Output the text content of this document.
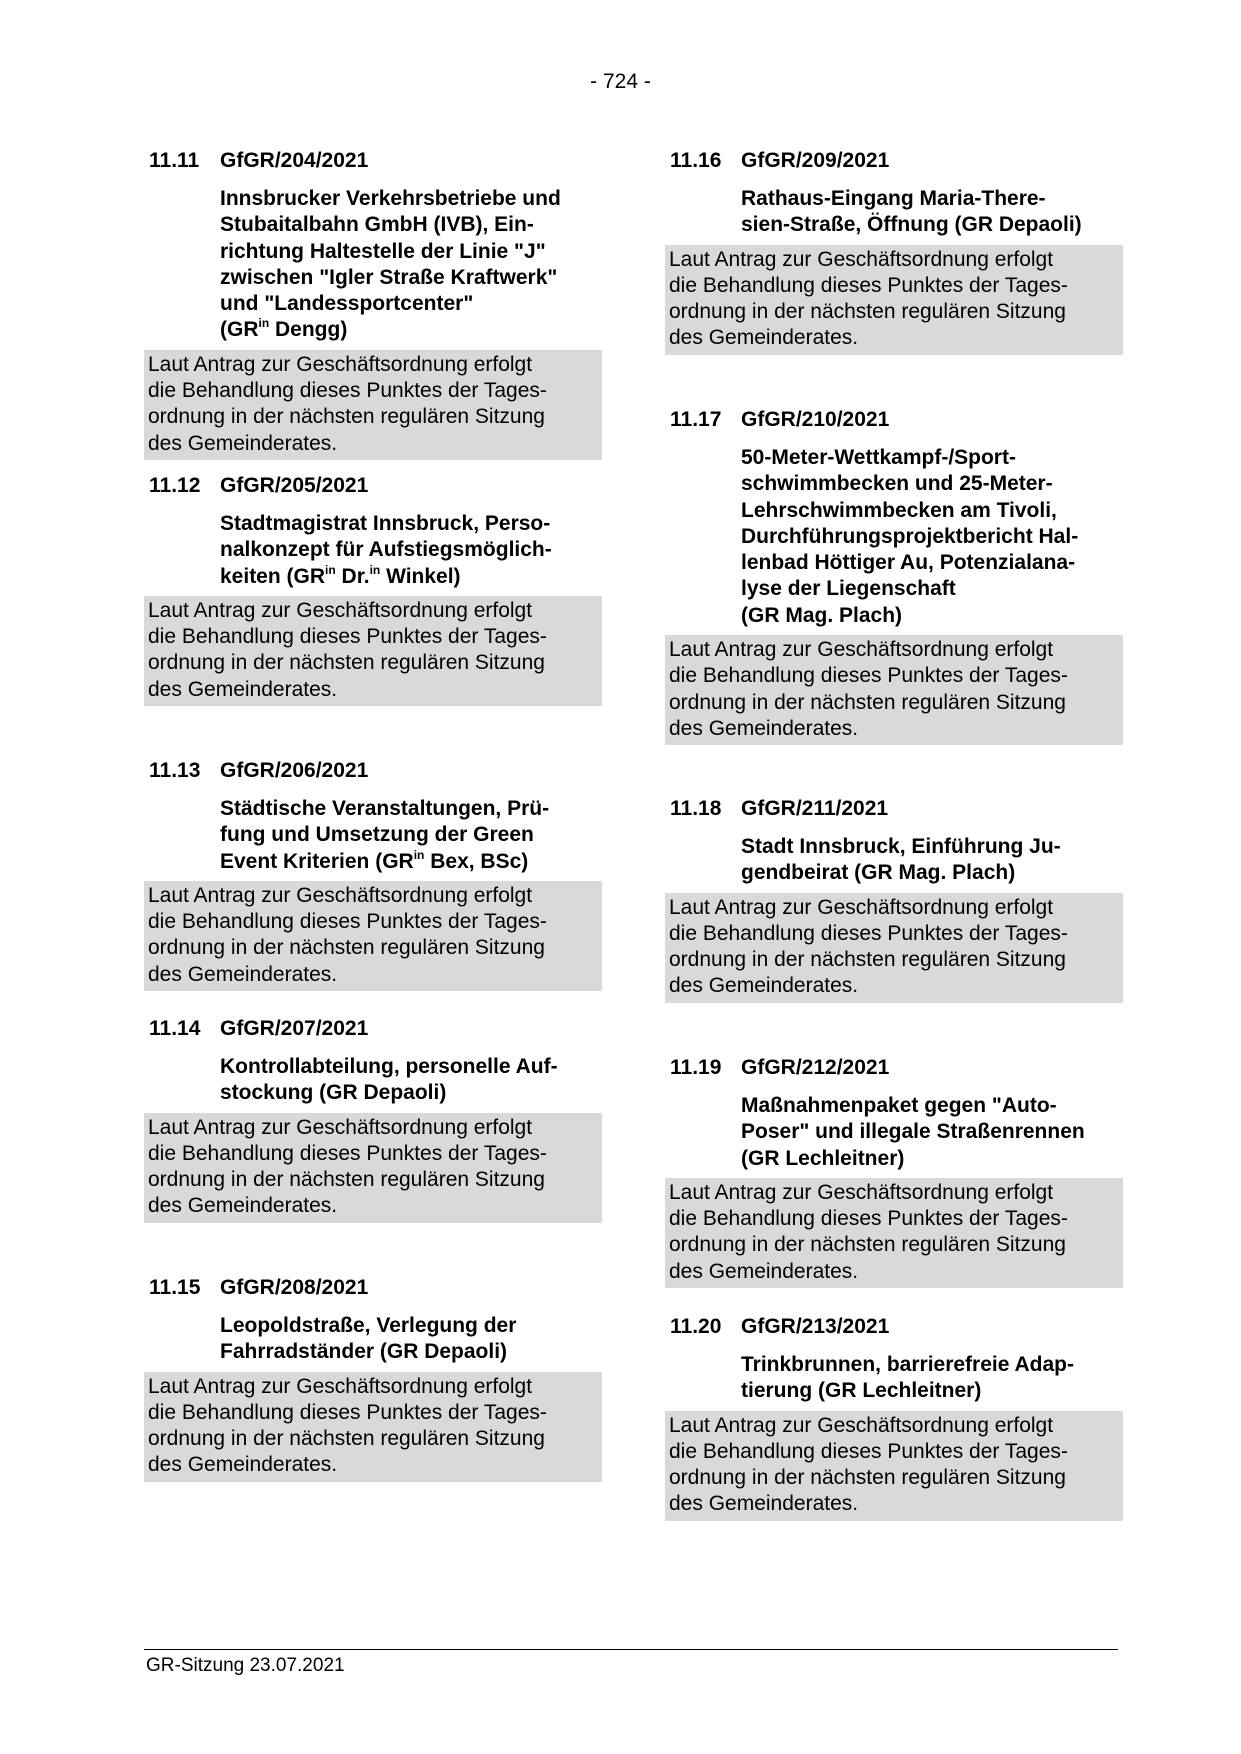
- 724 -
11.11 GfGR/204/2021
Innsbrucker Verkehrsbetriebe und
Stubaitalbahn GmbH (IVB), Ein-
richtung Haltestelle der Linie "J"
zwischen "Igler Straße Kraftwerk"
und "Landessportcenter"
($GR^{in}$ Dengg)
Laut Antrag zur Geschäftsordnung erfolgt
die Behandlung dieses Punktes der Tages-
ordnung in der nächsten regulären Sitzung
des Gemeinderates.
11.12 GfGR/205/2021
Stadtmagistrat Innsbruck, Perso-
nalkonzept für Aufstiegsmöglich-
keiten ($GR^{in}$ Dr.$^{in}$ Winkel)
Laut Antrag zur Geschäftsordnung erfolgt
die Behandlung dieses Punktes der Tages-
ordnung in der nächsten regulären Sitzung
des Gemeinderates.
11.13 GfGR/206/2021
Städtische Veranstaltungen, Prü-
fung und Umsetzung der Green
Event Kriterien ($GR^{in}$ Bex, BSc)
Laut Antrag zur Geschäftsordnung erfolgt
die Behandlung dieses Punktes der Tages-
ordnung in der nächsten regulären Sitzung
des Gemeinderates.
11.14 GfGR/207/2021
Kontrollabteilung, personelle Auf-
stockung (GR Depaoli)
Laut Antrag zur Geschäftsordnung erfolgt
die Behandlung dieses Punktes der Tages-
ordnung in der nächsten regulären Sitzung
des Gemeinderates.
11.15 GfGR/208/2021
Leopoldstraße, Verlegung der
Fahrradständer (GR Depaoli)
Laut Antrag zur Geschäftsordnung erfolgt
die Behandlung dieses Punktes der Tages-
ordnung in der nächsten regulären Sitzung
des Gemeinderates.
11.16 GfGR/209/2021
Rathaus-Eingang Maria-There-
sien-Straße, Öffnung (GR Depaoli)
Laut Antrag zur Geschäftsordnung erfolgt
die Behandlung dieses Punktes der Tages-
ordnung in der nächsten regulären Sitzung
des Gemeinderates.
11.17 GfGR/210/2021
50-Meter-Wettkampf-/Sport-
schwimmbecken und 25-Meter-
Lehrschwimmbecken am Tivoli,
Durchführungsprojektbericht Hal-
lenbad Höttiger Au, Potenzialana-
lyse der Liegenschaft
(GR Mag. Plach)
Laut Antrag zur Geschäftsordnung erfolgt
die Behandlung dieses Punktes der Tages-
ordnung in der nächsten regulären Sitzung
des Gemeinderates.
11.18 GfGR/211/2021
Stadt Innsbruck, Einführung Ju-
gendbeirat (GR Mag. Plach)
Laut Antrag zur Geschäftsordnung erfolgt
die Behandlung dieses Punktes der Tages-
ordnung in der nächsten regulären Sitzung
des Gemeinderates.
11.19 GfGR/212/2021
Maßnahmenpaket gegen "Auto-
Poser" und illegale Straßenrennen
(GR Lechleitner)
Laut Antrag zur Geschäftsordnung erfolgt
die Behandlung dieses Punktes der Tages-
ordnung in der nächsten regulären Sitzung
des Gemeinderates.
11.20 GfGR/213/2021
Trinkbrunnen, barrierefreie Adap-
tierung (GR Lechleitner)
Laut Antrag zur Geschäftsordnung erfolgt
die Behandlung dieses Punktes der Tages-
ordnung in der nächsten regulären Sitzung
des Gemeinderates.
GR-Sitzung 23.07.2021
